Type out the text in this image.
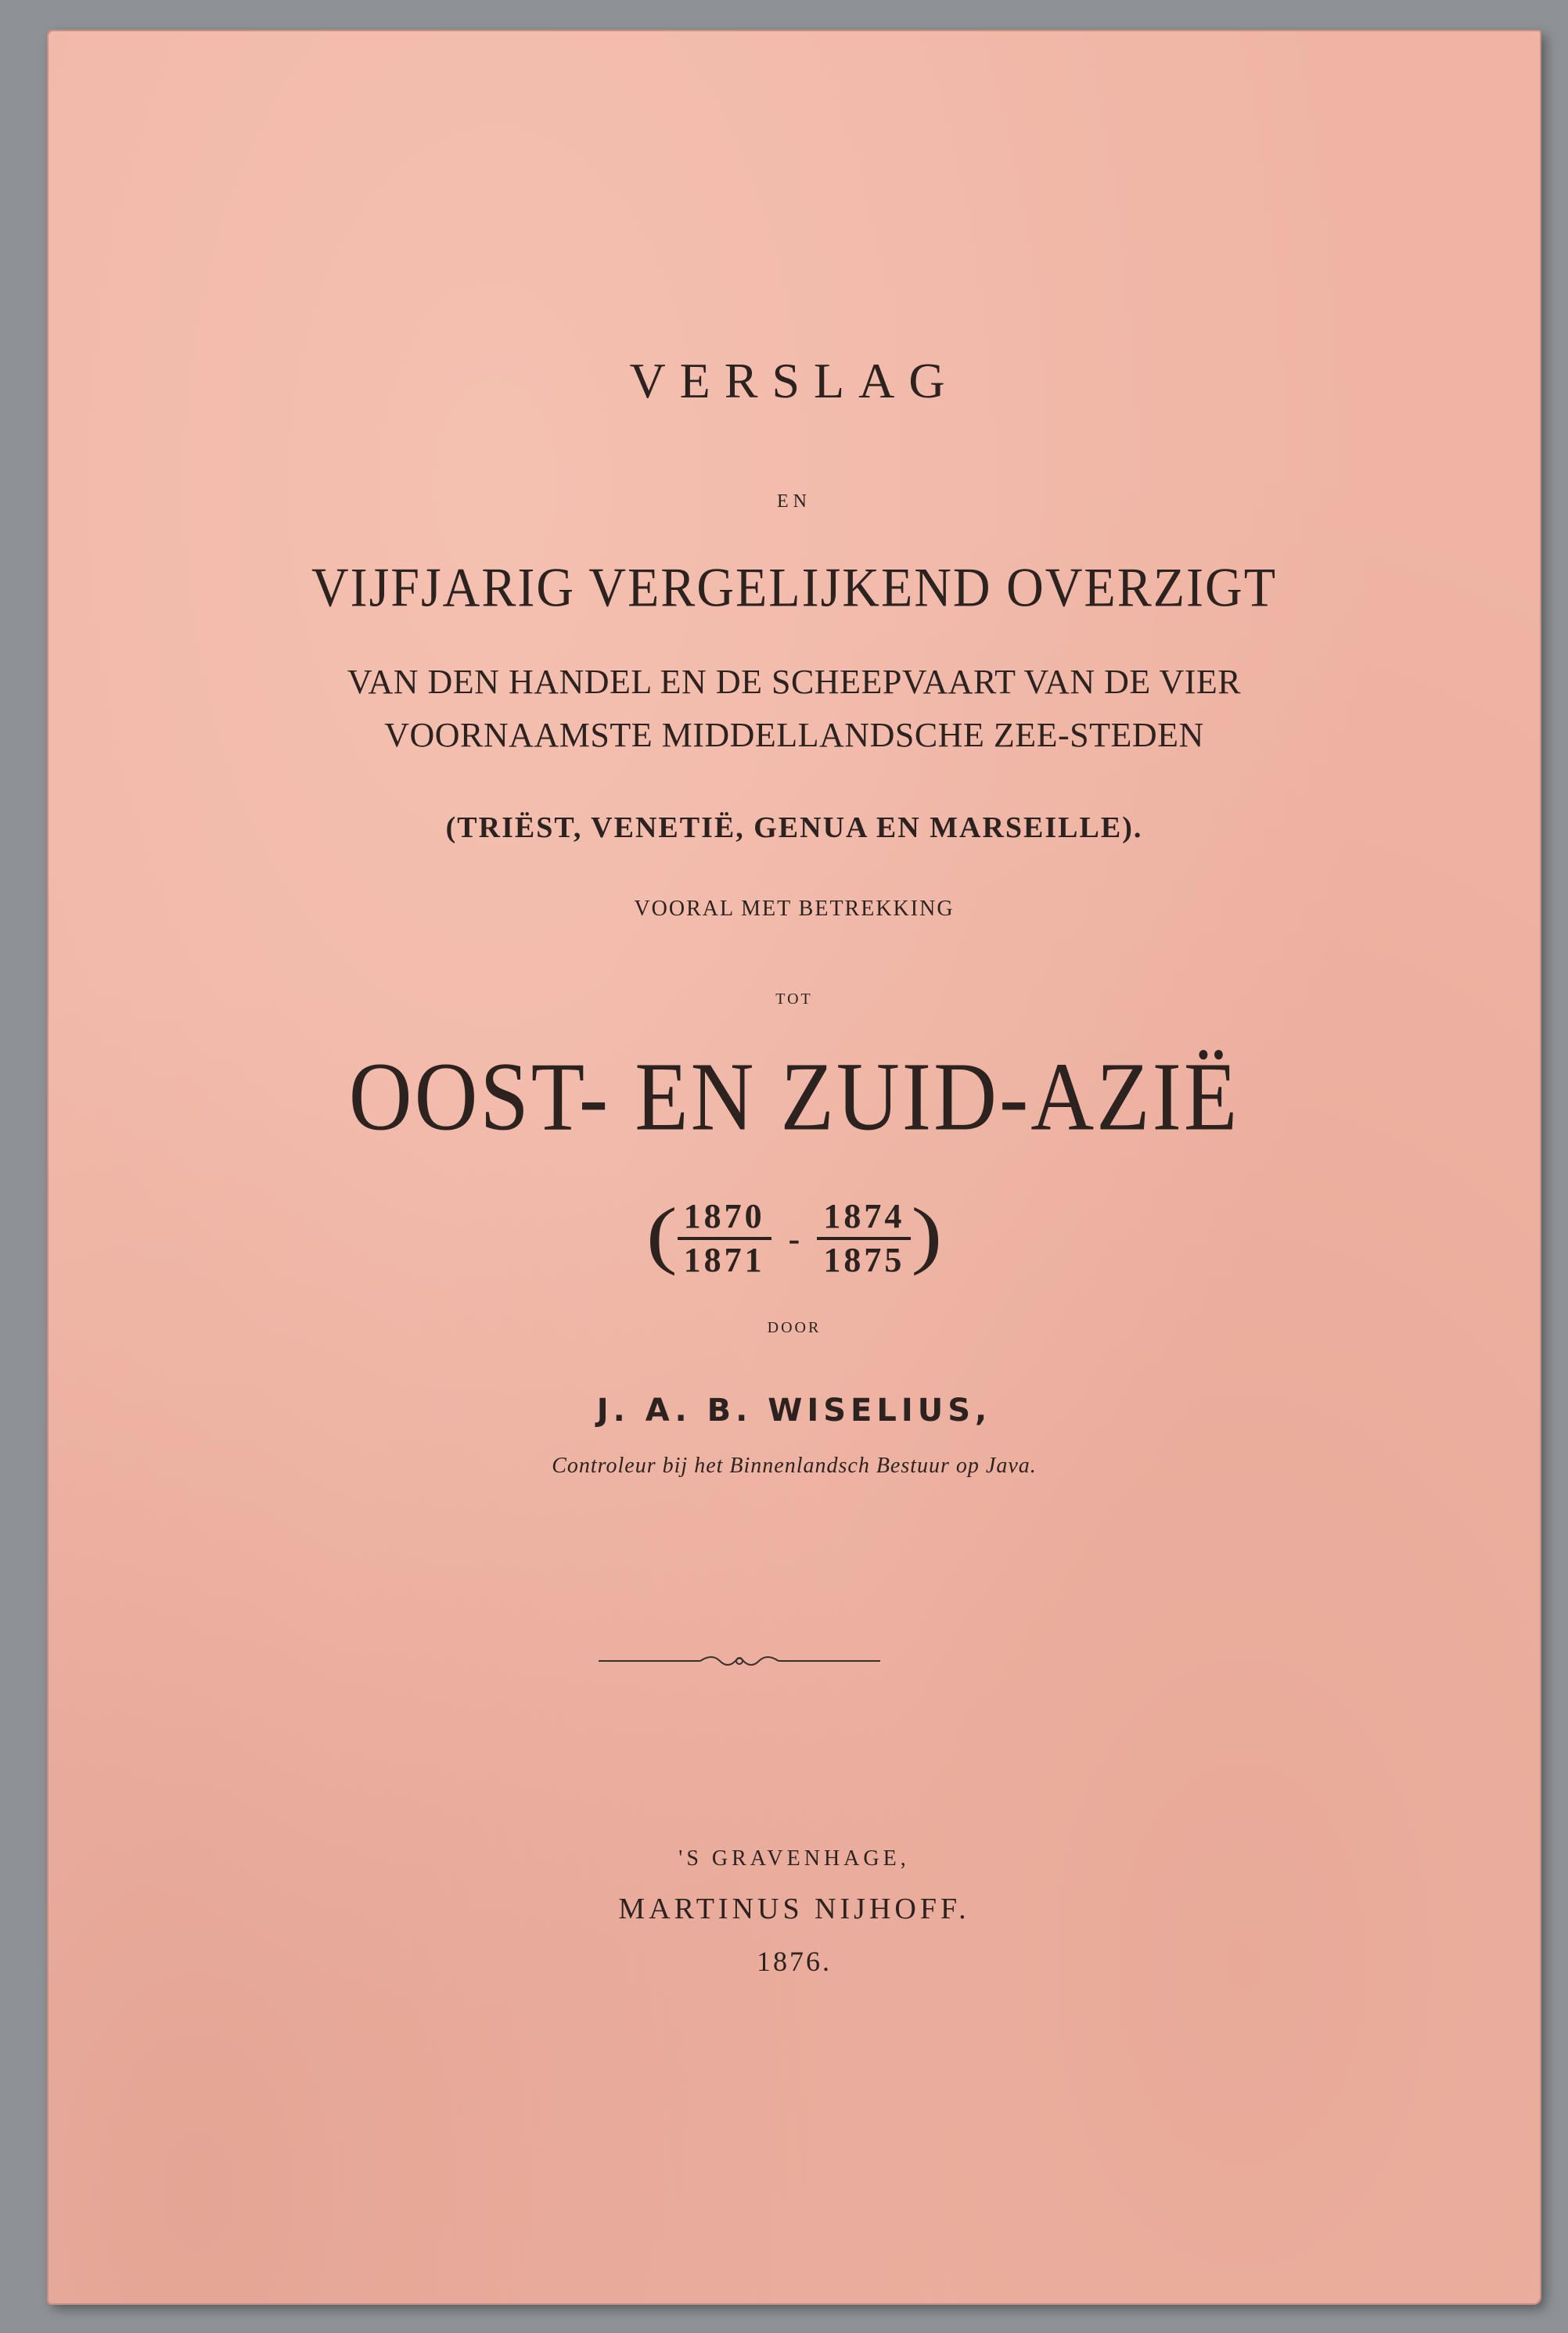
VERSLAG
EN
VIJFJARIG VERGELIJKEND OVERZIGT
VAN DEN HANDEL EN DE SCHEEPVAART VAN DE VIER
VOORNAAMSTE MIDDELLANDSCHE ZEE-STEDEN
(TRIËST, VENETIË, GENUA EN MARSEILLE).
VOORAL MET BETREKKING
TOT
OOST- EN ZUID-AZIË
( $\frac{1870}{1871} - \frac{1874}{1875}$ )
DOOR
J. A. B. WISELIUS,
Controleur bij het Binnenlandsch Bestuur op Java.
'S GRAVENHAGE,
MARTINUS NIJHOFF.
1876.
